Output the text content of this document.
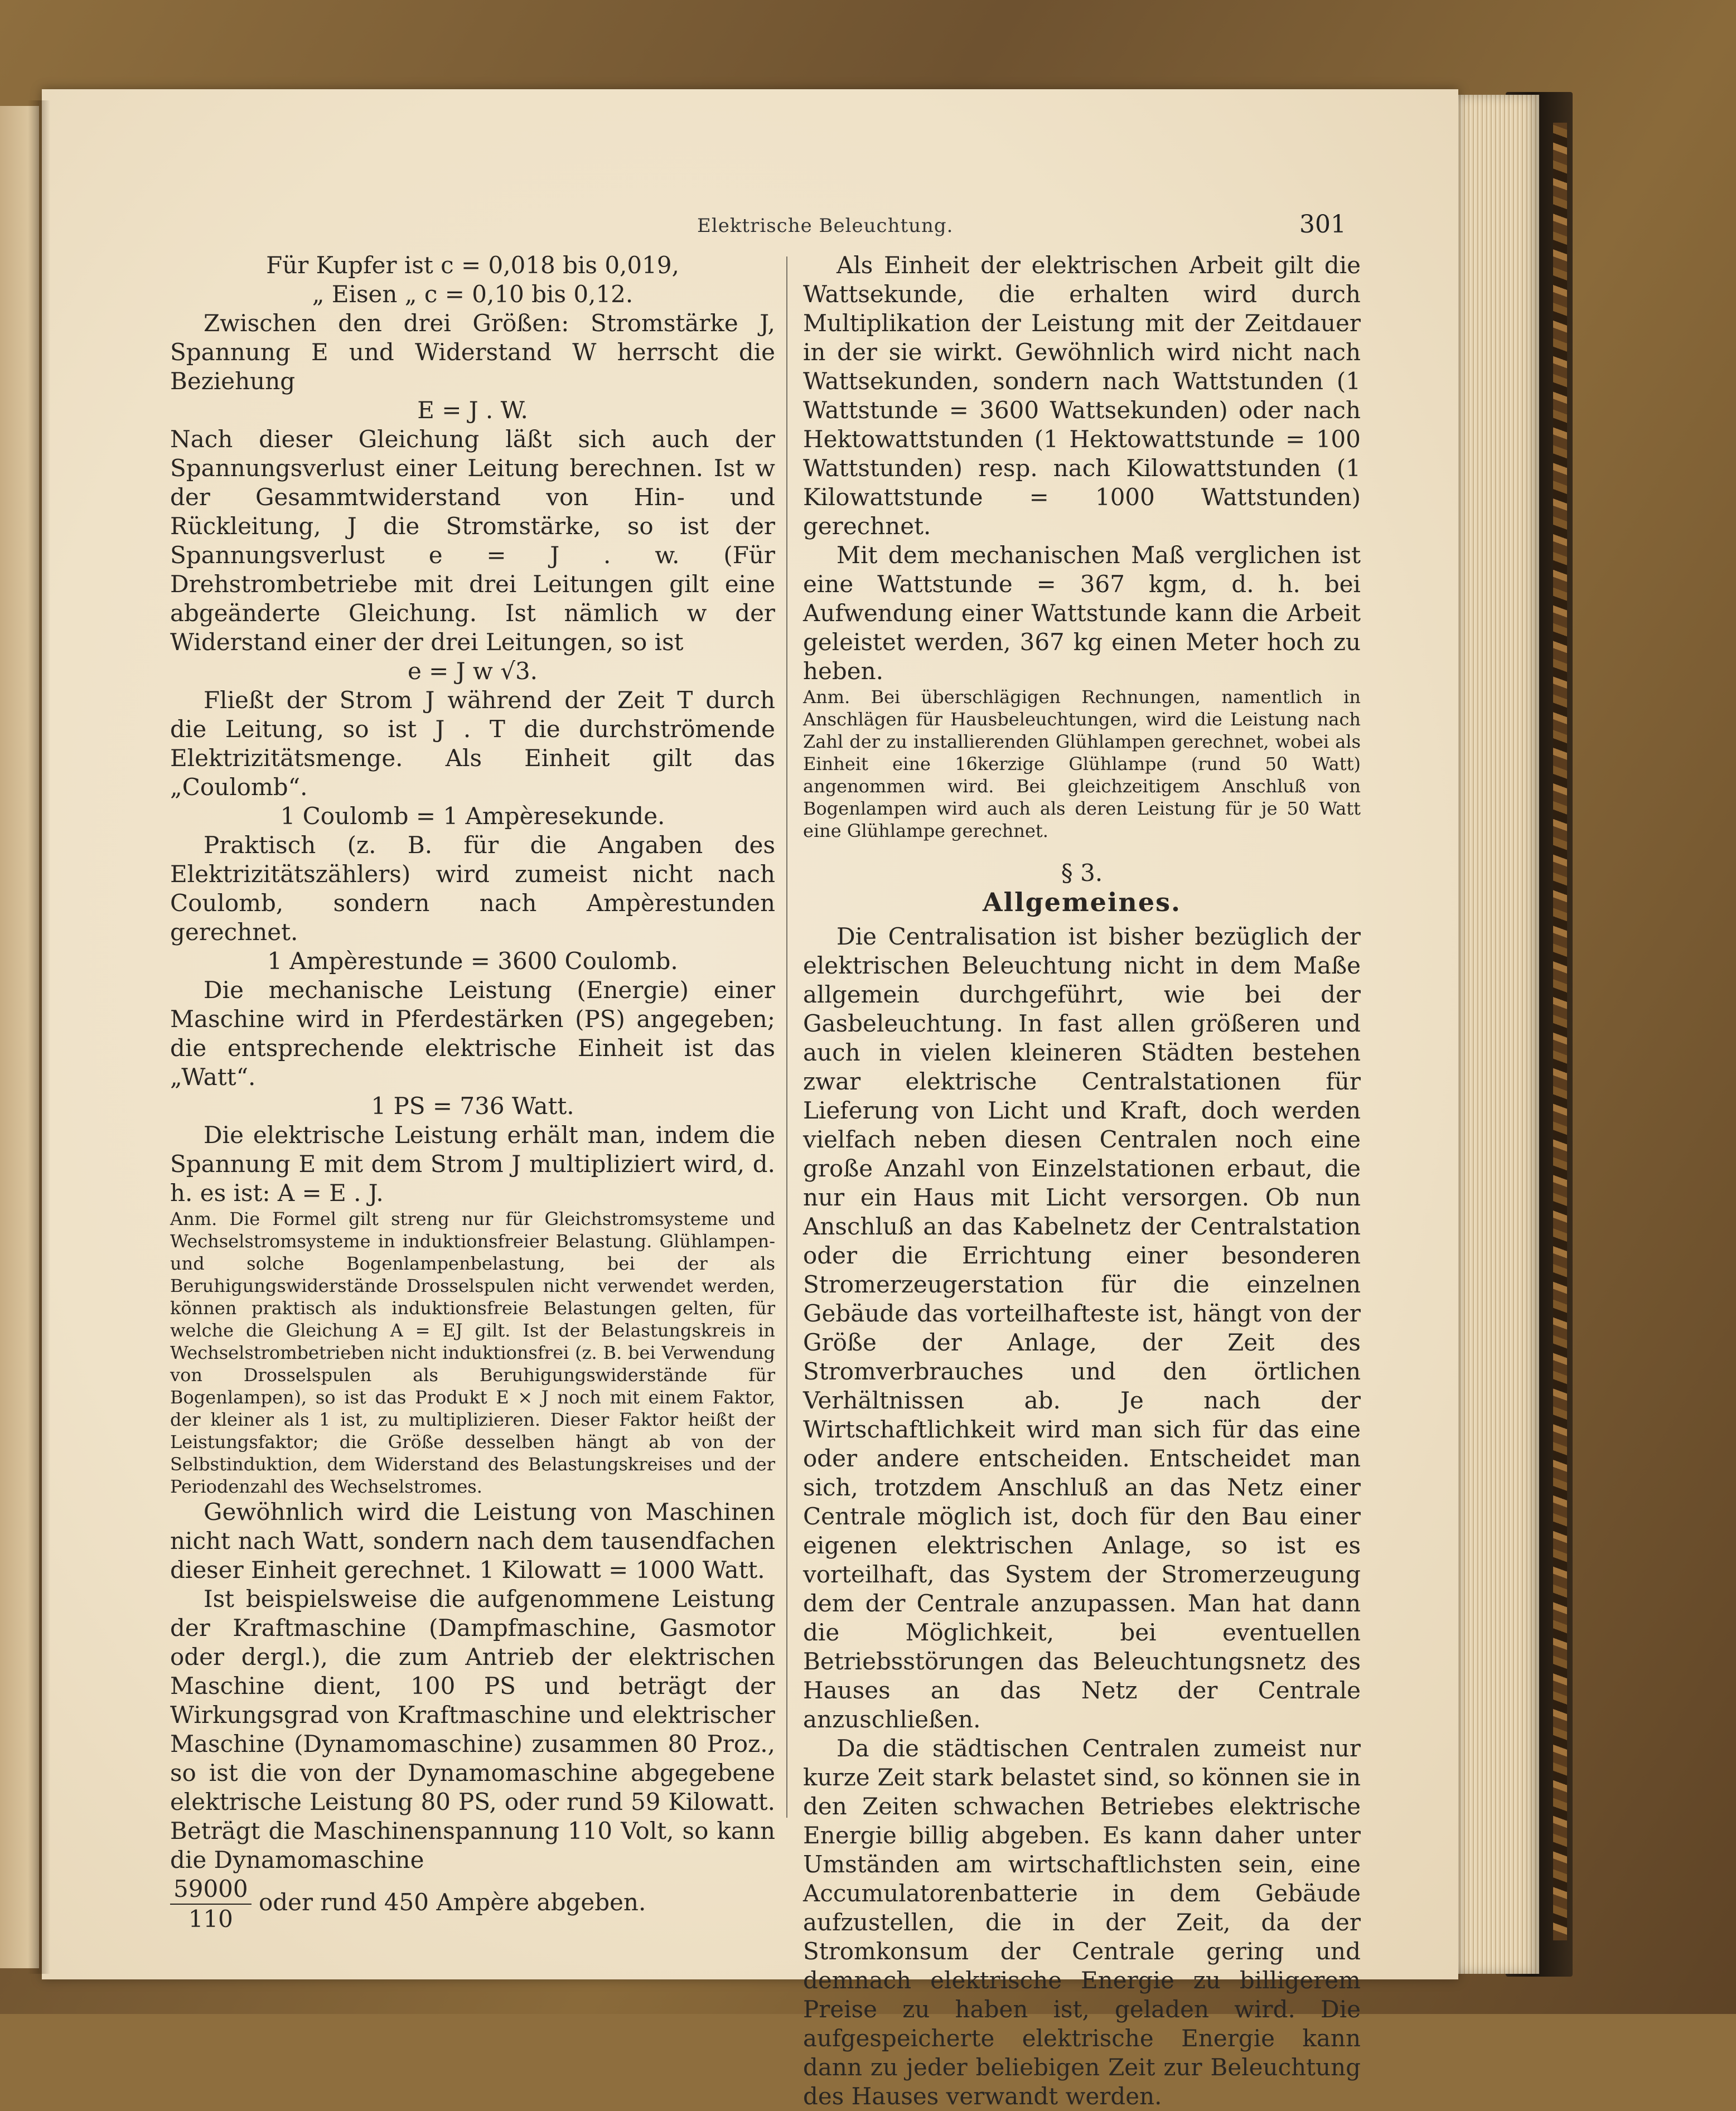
Elektrische Beleuchtung.	301

Für Kupfer ist c = 0,018 bis 0,019,

„ Eisen „ c = 0,10 bis 0,12.

Zwischen den drei Größen: Stromstärke J, Spannung E und Widerstand W herrscht die Beziehung

E = J . W.

Nach dieser Gleichung läßt sich auch der Spannungsverlust einer Leitung berechnen. Ist w der Gesammtwiderstand von Hin- und Rückleitung, J die Stromstärke, so ist der Spannungsverlust e = J . w. (Für Drehstrombetriebe mit drei Leitungen gilt eine abgeänderte Gleichung. Ist nämlich w der Widerstand einer der drei Leitungen, so ist

e = J w √3.

Fließt der Strom J während der Zeit T durch die Leitung, so ist J . T die durchströmende Elektrizitätsmenge. Als Einheit gilt das „Coulomb“.

1 Coulomb = 1 Ampèresekunde.

Praktisch (z. B. für die Angaben des Elektrizitätszählers) wird zumeist nicht nach Coulomb, sondern nach Ampèrestunden gerechnet.

1 Ampèrestunde = 3600 Coulomb.

Die mechanische Leistung (Energie) einer Maschine wird in Pferdestärken (PS) angegeben; die entsprechende elektrische Einheit ist das „Watt“.

1 PS = 736 Watt.

Die elektrische Leistung erhält man, indem die Spannung E mit dem Strom J multipliziert wird, d. h. es ist: A = E . J.

Anm. Die Formel gilt streng nur für Gleichstromsysteme und Wechselstromsysteme in induktionsfreier Belastung. Glühlampen- und solche Bogenlampenbelastung, bei der als Beruhigungswiderstände Drosselspulen nicht verwendet werden, können praktisch als induktionsfreie Belastungen gelten, für welche die Gleichung A = EJ gilt. Ist der Belastungskreis in Wechselstrombetrieben nicht induktionsfrei (z. B. bei Verwendung von Drosselspulen als Beruhigungswiderstände für Bogenlampen), so ist das Produkt E × J noch mit einem Faktor, der kleiner als 1 ist, zu multiplizieren. Dieser Faktor heißt der Leistungsfaktor; die Größe desselben hängt ab von der Selbstinduktion, dem Widerstand des Belastungskreises und der Periodenzahl des Wechselstromes.

Gewöhnlich wird die Leistung von Maschinen nicht nach Watt, sondern nach dem tausendfachen dieser Einheit gerechnet. 1 Kilowatt = 1000 Watt.

Ist beispielsweise die aufgenommene Leistung der Kraftmaschine (Dampfmaschine, Gasmotor oder dergl.), die zum Antrieb der elektrischen Maschine dient, 100 PS und beträgt der Wirkungsgrad von Kraftmaschine und elektrischer Maschine (Dynamomaschine) zusammen 80 Proz., so ist die von der Dynamomaschine abgegebene elektrische Leistung 80 PS, oder rund 59 Kilowatt. Beträgt die Maschinenspannung 110 Volt, so kann die Dynamomaschine

$\frac{59000}{110}$ oder rund 450 Ampère abgeben.

Als Einheit der elektrischen Arbeit gilt die Wattsekunde, die erhalten wird durch Multiplikation der Leistung mit der Zeitdauer in der sie wirkt. Gewöhnlich wird nicht nach Wattsekunden, sondern nach Wattstunden (1 Wattstunde = 3600 Wattsekunden) oder nach Hektowattstunden (1 Hektowattstunde = 100 Wattstunden) resp. nach Kilowattstunden (1 Kilowattstunde = 1000 Wattstunden) gerechnet.

Mit dem mechanischen Maß verglichen ist eine Wattstunde = 367 kgm, d. h. bei Aufwendung einer Wattstunde kann die Arbeit geleistet werden, 367 kg einen Meter hoch zu heben.

Anm. Bei überschlägigen Rechnungen, namentlich in Anschlägen für Hausbeleuchtungen, wird die Leistung nach Zahl der zu installierenden Glühlampen gerechnet, wobei als Einheit eine 16kerzige Glühlampe (rund 50 Watt) angenommen wird. Bei gleichzeitigem Anschluß von Bogenlampen wird auch als deren Leistung für je 50 Watt eine Glühlampe gerechnet.

§ 3.

Allgemeines.

Die Centralisation ist bisher bezüglich der elektrischen Beleuchtung nicht in dem Maße allgemein durchgeführt, wie bei der Gasbeleuchtung. In fast allen größeren und auch in vielen kleineren Städten bestehen zwar elektrische Centralstationen für Lieferung von Licht und Kraft, doch werden vielfach neben diesen Centralen noch eine große Anzahl von Einzelstationen erbaut, die nur ein Haus mit Licht versorgen. Ob nun Anschluß an das Kabelnetz der Centralstation oder die Errichtung einer besonderen Stromerzeugerstation für die einzelnen Gebäude das vorteilhafteste ist, hängt von der Größe der Anlage, der Zeit des Stromverbrauches und den örtlichen Verhältnissen ab. Je nach der Wirtschaftlichkeit wird man sich für das eine oder andere entscheiden. Entscheidet man sich, trotzdem Anschluß an das Netz einer Centrale möglich ist, doch für den Bau einer eigenen elektrischen Anlage, so ist es vorteilhaft, das System der Stromerzeugung dem der Centrale anzupassen. Man hat dann die Möglichkeit, bei eventuellen Betriebsstörungen das Beleuchtungsnetz des Hauses an das Netz der Centrale anzuschließen.

Da die städtischen Centralen zumeist nur kurze Zeit stark belastet sind, so können sie in den Zeiten schwachen Betriebes elektrische Energie billig abgeben. Es kann daher unter Umständen am wirtschaftlichsten sein, eine Accumulatorenbatterie in dem Gebäude aufzustellen, die in der Zeit, da der Stromkonsum der Centrale gering und demnach elektrische Energie zu billigerem Preise zu haben ist, geladen wird. Die aufgespeicherte elektrische Energie kann dann zu jeder beliebigen Zeit zur Beleuchtung des Hauses verwandt werden.
